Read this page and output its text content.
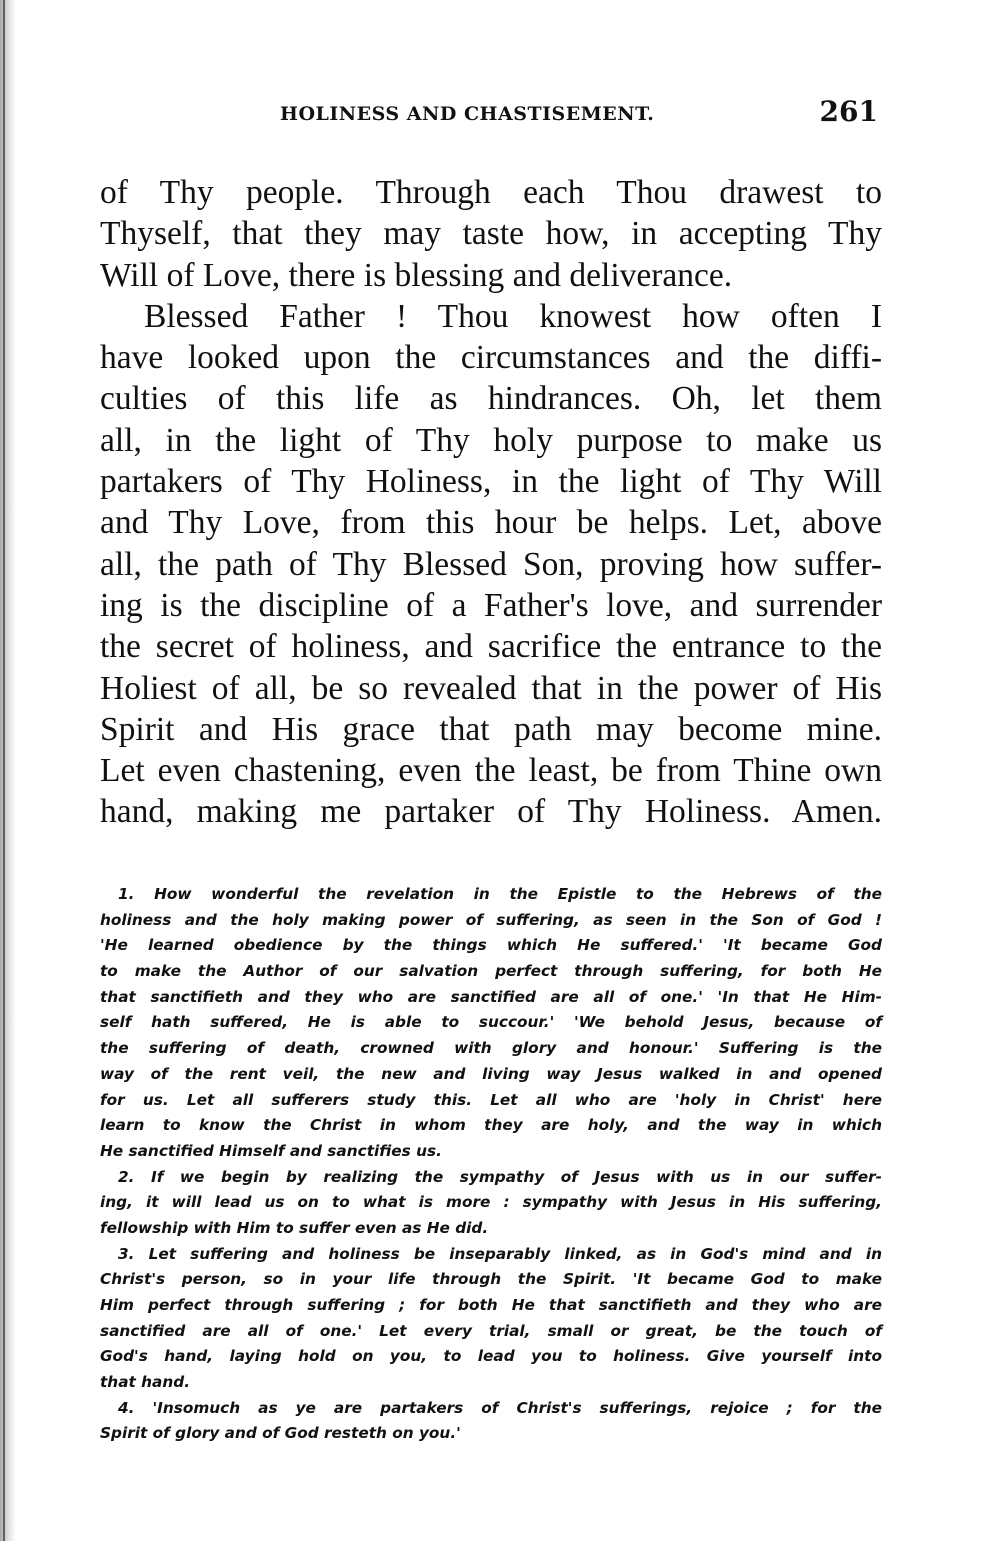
HOLINESS AND CHASTISEMENT.	261
of Thy people. Through each Thou drawest to
Thyself, that they may taste how, in accepting Thy
Will of Love, there is blessing and deliverance.
Blessed Father ! Thou knowest how often I
have looked upon the circumstances and the diffi-
culties of this life as hindrances. Oh, let them
all, in the light of Thy holy purpose to make us
partakers of Thy Holiness, in the light of Thy Will
and Thy Love, from this hour be helps. Let, above
all, the path of Thy Blessed Son, proving how suffer-
ing is the discipline of a Father's love, and surrender
the secret of holiness, and sacrifice the entrance to the
Holiest of all, be so revealed that in the power of His
Spirit and His grace that path may become mine.
Let even chastening, even the least, be from Thine own
hand, making me partaker of Thy Holiness. Amen.
1. How wonderful the revelation in the Epistle to the Hebrews of the
holiness and the holy making power of suffering, as seen in the Son of God !
'He learned obedience by the things which He suffered.' 'It became God
to make the Author of our salvation perfect through suffering, for both He
that sanctifieth and they who are sanctified are all of one.' 'In that He Him-
self hath suffered, He is able to succour.' 'We behold Jesus, because of
the suffering of death, crowned with glory and honour.' Suffering is the
way of the rent veil, the new and living way Jesus walked in and opened
for us. Let all sufferers study this. Let all who are 'holy in Christ' here
learn to know the Christ in whom they are holy, and the way in which
He sanctified Himself and sanctifies us.
2. If we begin by realizing the sympathy of Jesus with us in our suffer-
ing, it will lead us on to what is more : sympathy with Jesus in His suffering,
fellowship with Him to suffer even as He did.
3. Let suffering and holiness be inseparably linked, as in God's mind and in
Christ's person, so in your life through the Spirit. 'It became God to make
Him perfect through suffering ; for both He that sanctifieth and they who are
sanctified are all of one.' Let every trial, small or great, be the touch of
God's hand, laying hold on you, to lead you to holiness. Give yourself into
that hand.
4. 'Insomuch as ye are partakers of Christ's sufferings, rejoice ; for the
Spirit of glory and of God resteth on you.'
